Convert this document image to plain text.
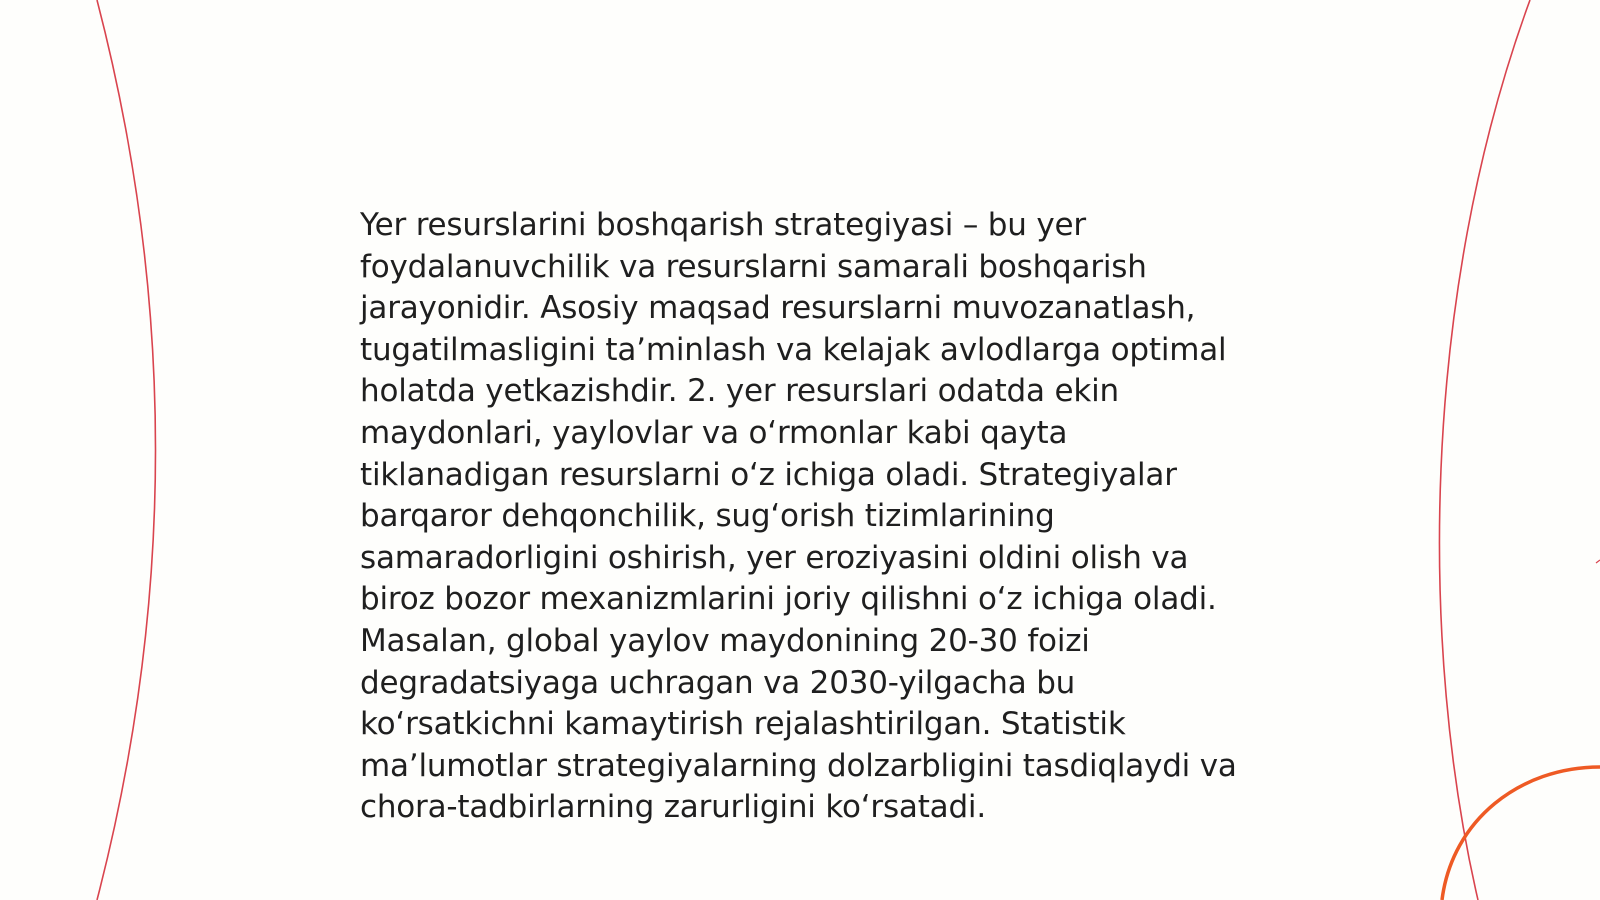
Yer resurslarini boshqarish strategiyasi – bu yer foydalanuvchilik va resurslarni samarali boshqarish jarayonidir. Asosiy maqsad resurslarni muvozanatlash, tugatilmasligini ta’minlash va kelajak avlodlarga optimal holatda yetkazishdir. 2. yer resurslari odatda ekin maydonlari, yaylovlar va o‘rmonlar kabi qayta tiklanadigan resurslarni o‘z ichiga oladi. Strategiyalar barqaror dehqonchilik, sug‘orish tizimlarining samaradorligini oshirish, yer eroziyasini oldini olish va biroz bozor mexanizmlarini joriy qilishni o‘z ichiga oladi. Masalan, global yaylov maydonining 20-30 foizi degradatsiyaga uchragan va 2030-yilgacha bu ko‘rsatkichni kamaytirish rejalashtirilgan. Statistik ma’lumotlar strategiyalarning dolzarbligini tasdiqlaydi va chora-tadbirlarning zarurligini ko‘rsatadi.
